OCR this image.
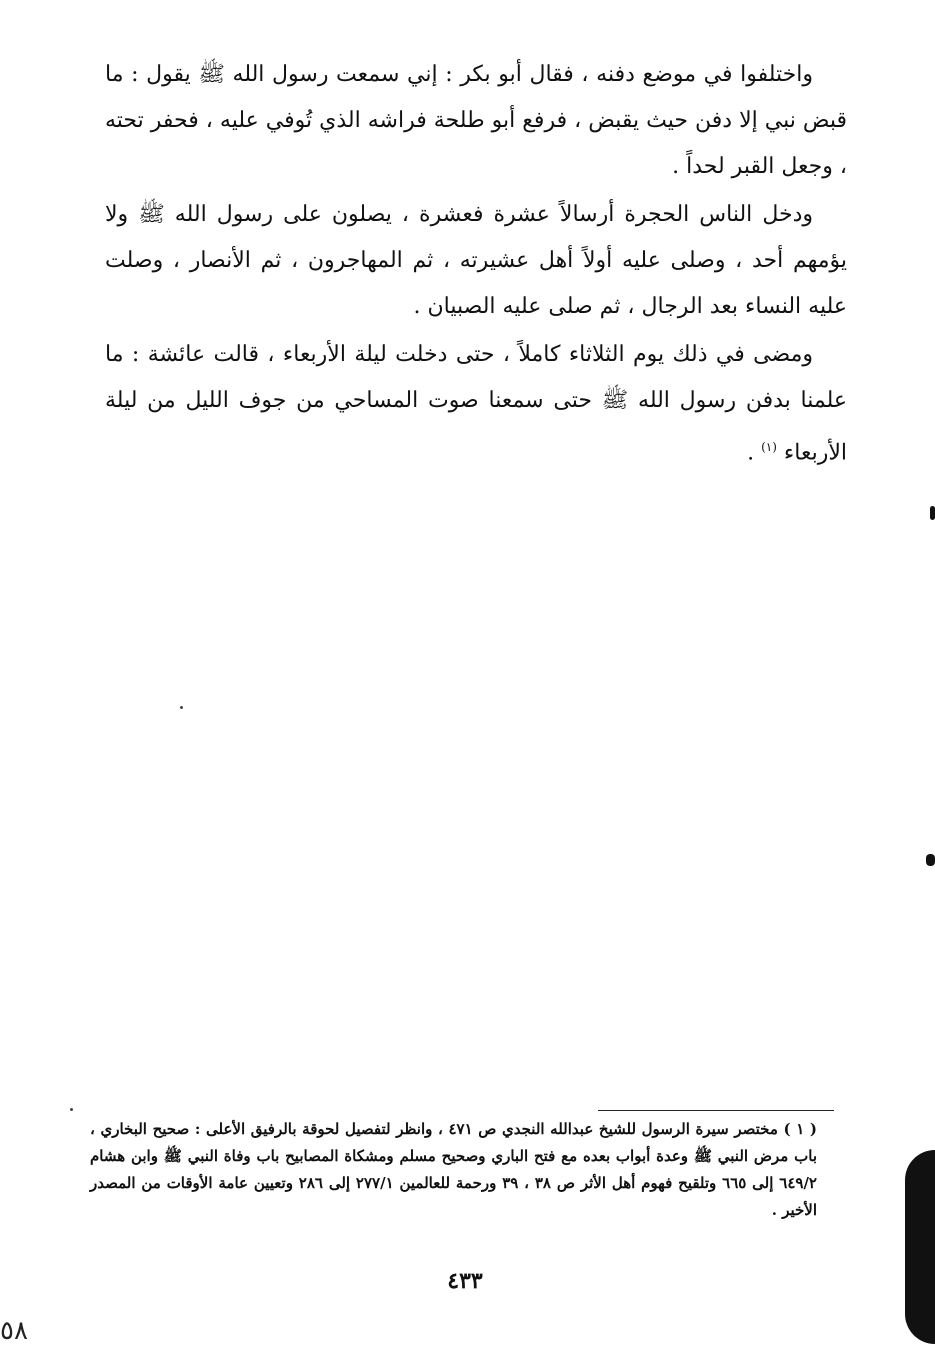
واختلفوا في موضع دفنه ، فقال أبو بكر : إني سمعت رسول الله ﷺ يقول : ما قبض نبي إلا دفن حيث يقبض ، فرفع أبو طلحة فراشه الذي تُوفي عليه ، فحفر تحته ، وجعل القبر لحداً .

ودخل الناس الحجرة أرسالاً عشرة فعشرة ، يصلون على رسول الله ﷺ ولا يؤمهم أحد ، وصلى عليه أولاً أهل عشيرته ، ثم المهاجرون ، ثم الأنصار ، وصلت عليه النساء بعد الرجال ، ثم صلى عليه الصبيان .

ومضى في ذلك يوم الثلاثاء كاملاً ، حتى دخلت ليلة الأربعاء ، قالت عائشة : ما علمنا بدفن رسول الله ﷺ حتى سمعنا صوت المساحي من جوف الليل من ليلة الأربعاء $^{(١)}$ .

( ١ ) مختصر سيرة الرسول للشيخ عبدالله النجدي ص ٤٧١ ، وانظر لتفصيل لحوقة بالرفيق الأعلى : صحيح البخاري ، باب مرض النبي ﷺ وعدة أبواب بعده مع فتح الباري وصحيح مسلم ومشكاة المصابيح باب وفاة النبي ﷺ وابن هشام ٦٤٩/٢ إلى ٦٦٥ وتلقيح فهوم أهل الأثر ص ٣٨ ، ٣٩ ورحمة للعالمين ٢٧٧/١ إلى ٢٨٦ وتعيين عامة الأوقات من المصدر الأخير .
٤٣٣
٥٨
